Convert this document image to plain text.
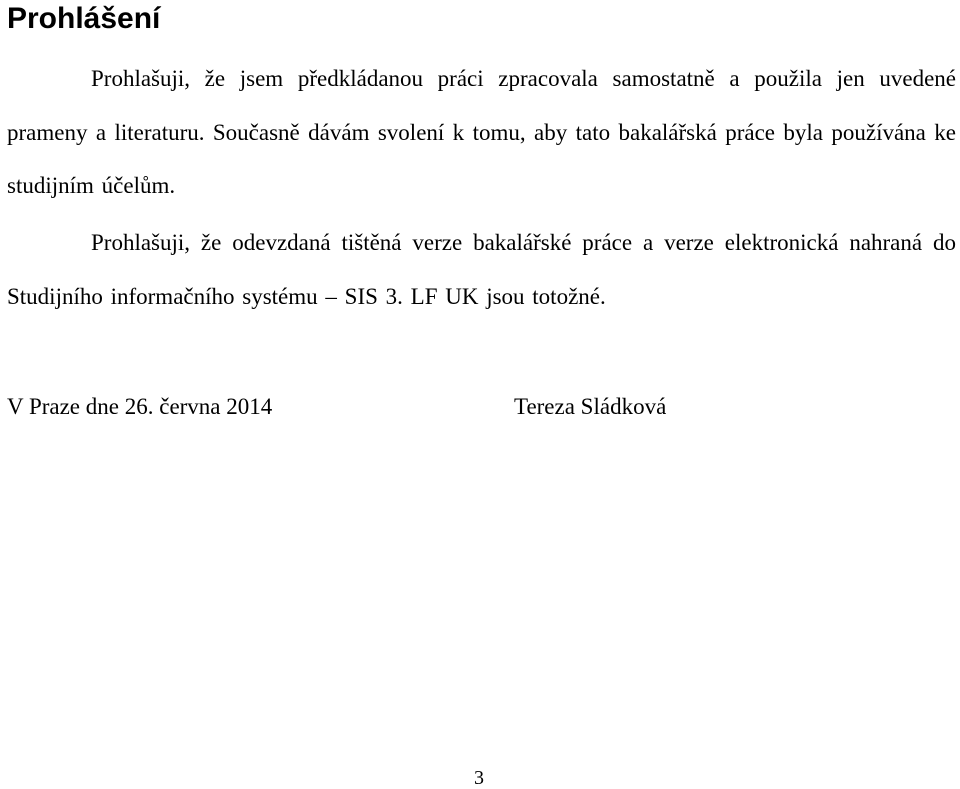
Prohlášení

Prohlašuji, že jsem předkládanou práci zpracovala samostatně a použila jen uvedené prameny a literaturu. Současně dávám svolení k tomu, aby tato bakalářská práce byla používána ke studijním účelům.

Prohlašuji, že odevzdaná tištěná verze bakalářské práce a verze elektronická nahraná do Studijního informačního systému – SIS 3. LF UK jsou totožné.

V Praze dne 26. června 2014	Tereza Sládková
3
